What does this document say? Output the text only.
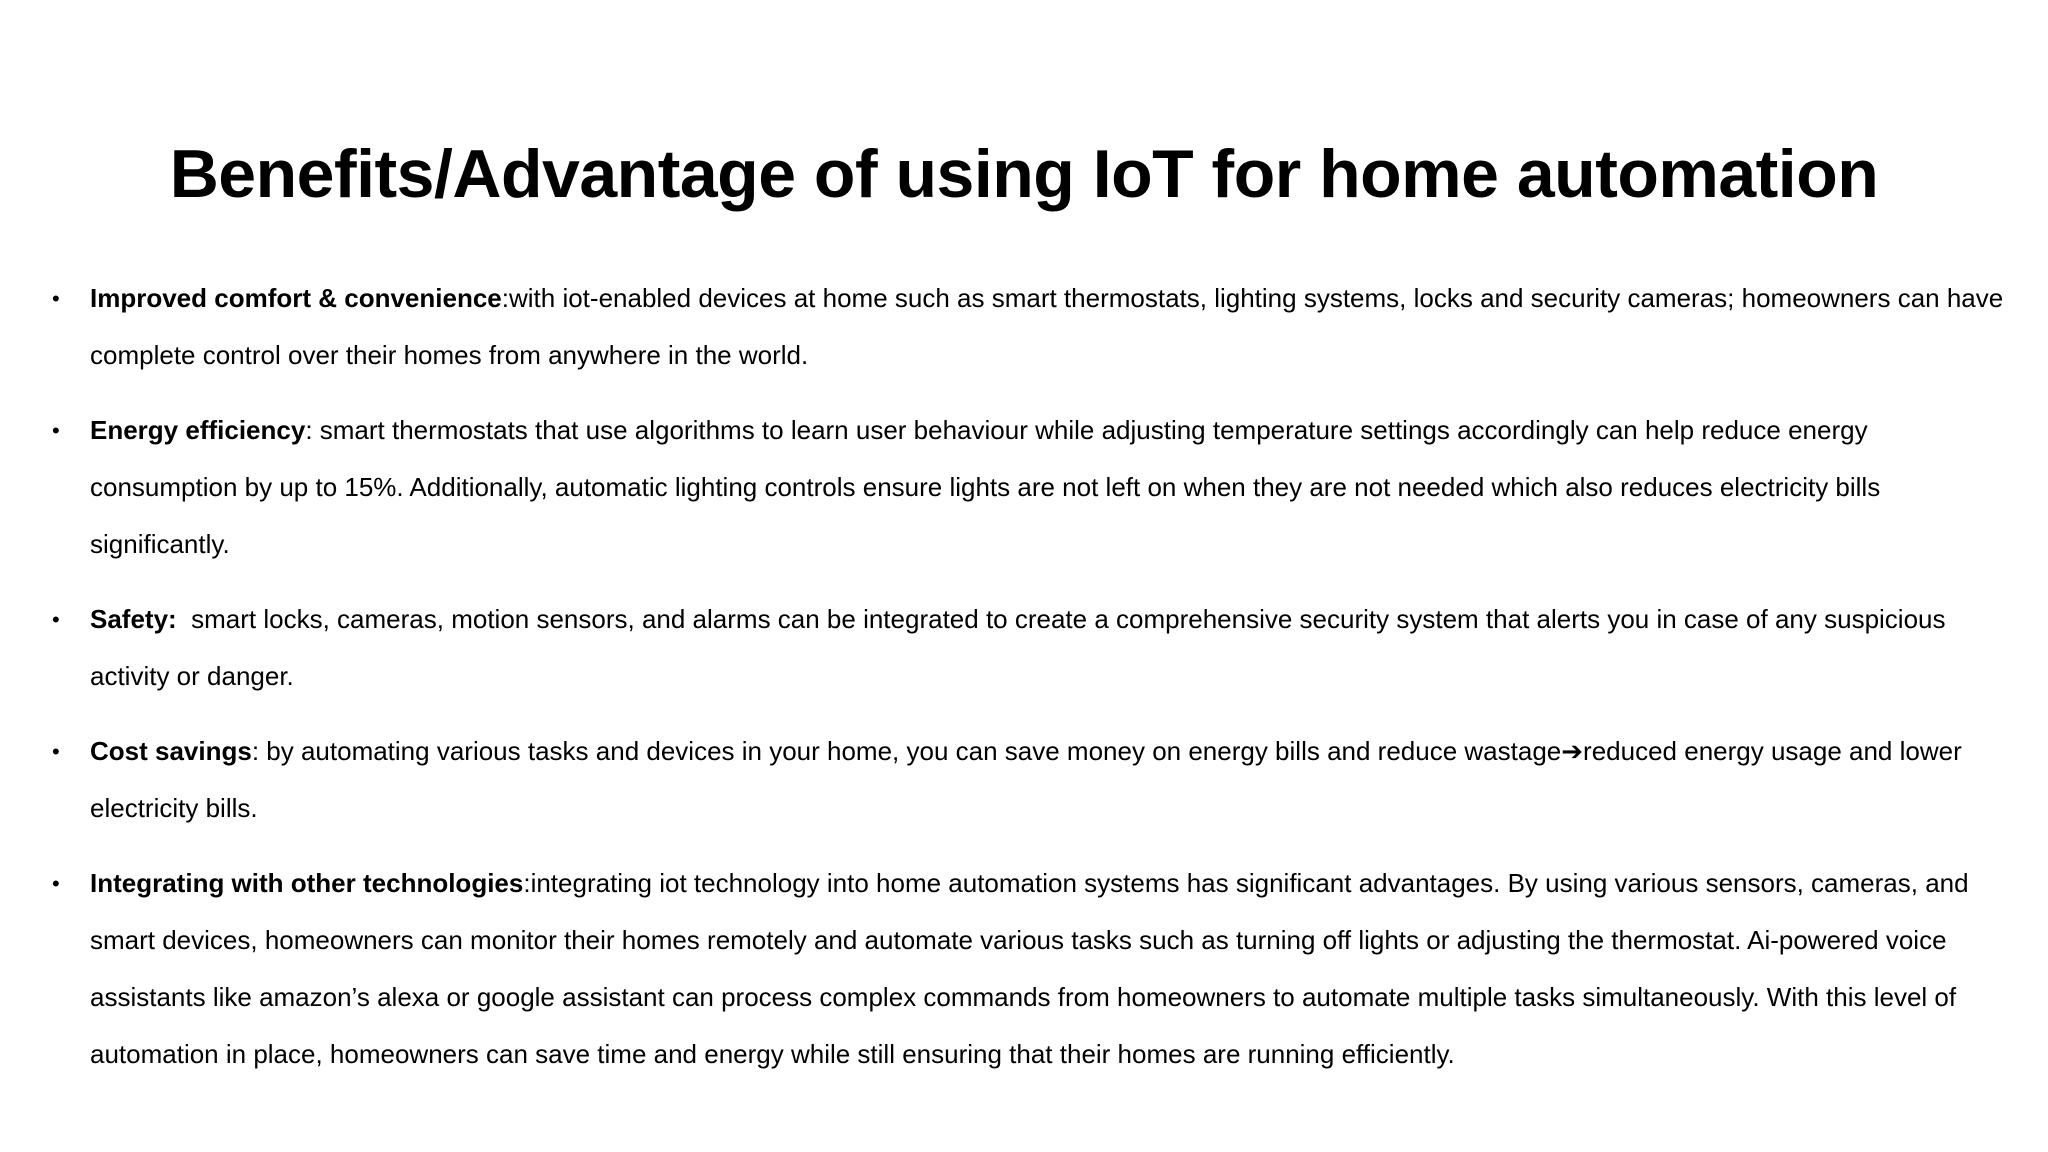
Benefits/Advantage of using IoT for home automation
•	Improved comfort & convenience:with iot-enabled devices at home such as smart thermostats, lighting systems, locks and security cameras; homeowners can have complete control over their homes from anywhere in the world.
•	Energy efficiency: smart thermostats that use algorithms to learn user behaviour while adjusting temperature settings accordingly can help reduce energy consumption by up to 15%. Additionally, automatic lighting controls ensure lights are not left on when they are not needed which also reduces electricity bills significantly.
•	Safety:  smart locks, cameras, motion sensors, and alarms can be integrated to create a comprehensive security system that alerts you in case of any suspicious activity or danger.
•	Cost savings: by automating various tasks and devices in your home, you can save money on energy bills and reduce wastage➔reduced energy usage and lower electricity bills.
•	Integrating with other technologies:integrating iot technology into home automation systems has significant advantages. By using various sensors, cameras, and smart devices, homeowners can monitor their homes remotely and automate various tasks such as turning off lights or adjusting the thermostat. Ai-powered voice assistants like amazon’s alexa or google assistant can process complex commands from homeowners to automate multiple tasks simultaneously. With this level of automation in place, homeowners can save time and energy while still ensuring that their homes are running efficiently.
